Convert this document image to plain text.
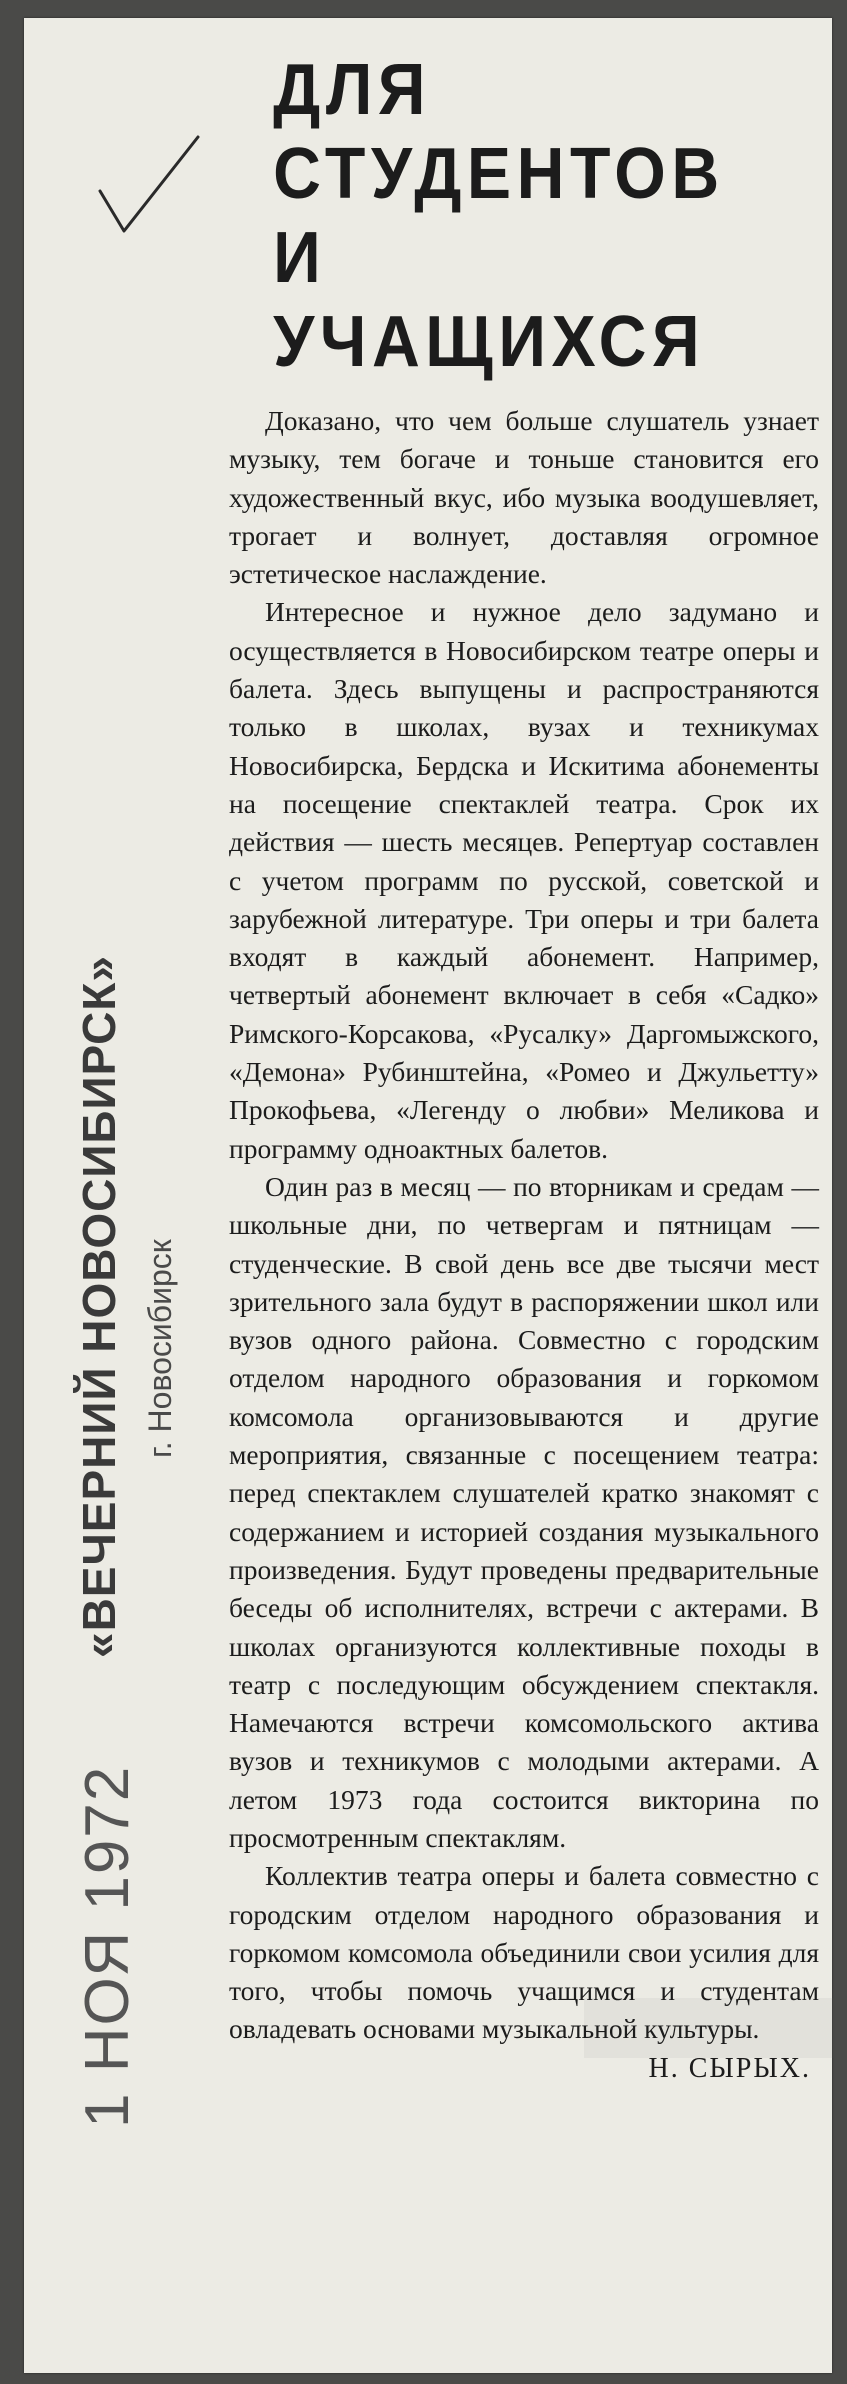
«ВЕЧЕРНИЙ НОВОСИБИРСК» г. Новосибирск
1 НОЯ 1972
ДЛЯ СТУДЕНТОВ
И УЧАЩИХСЯ

Доказано, что чем больше слушатель узнает музыку, тем богаче и тоньше становится его художественный вкус, ибо музыка воодушевляет, трогает и волнует, доставляя огромное эстетическое наслаждение.

Интересное и нужное дело задумано и осуществляется в Новосибирском театре оперы и балета. Здесь выпущены и распространяются только в школах, вузах и техникумах Новосибирска, Бердска и Искитима абонементы на посещение спектаклей театра. Срок их действия — шесть месяцев. Репертуар составлен с учетом программ по русской, советской и зарубежной литературе. Три оперы и три балета входят в каждый абонемент. Например, четвертый абонемент включает в себя «Садко» Римского-Корсакова, «Русалку» Даргомыжского, «Демона» Рубинштейна, «Ромео и Джульетту» Прокофьева, «Легенду о любви» Меликова и программу одноактных балетов.

Один раз в месяц — по вторникам и средам — школьные дни, по четвергам и пятницам — студенческие. В свой день все две тысячи мест зрительного зала будут в распоряжении школ или вузов одного района. Совместно с городским отделом народного образования и горкомом комсомола организовываются и другие мероприятия, связанные с посещением театра: перед спектаклем слушателей кратко знакомят с содержанием и историей создания музыкального произведения. Будут проведены предварительные беседы об исполнителях, встречи с актерами. В школах организуются коллективные походы в театр с последующим обсуждением спектакля. Намечаются встречи комсомольского актива вузов и техникумов с молодыми актерами. А летом 1973 года состоится викторина по просмотренным спектаклям.

Коллектив театра оперы и балета совместно с городским отделом народного образования и горкомом комсомола объединили свои усилия для того, чтобы помочь учащимся и студентам овладевать основами музыкальной культуры.

Н. СЫРЫХ.
